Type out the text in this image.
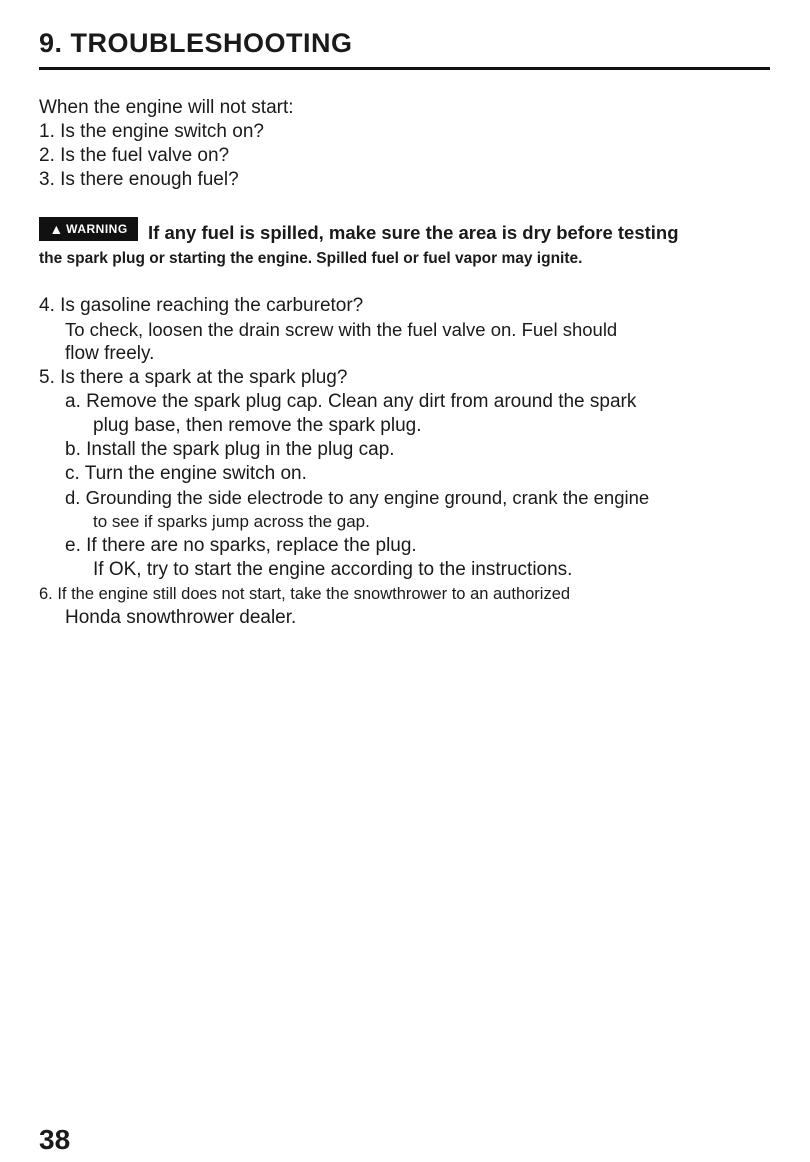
9. TROUBLESHOOTING
When the engine will not start:
1. Is the engine switch on?
2. Is the fuel valve on?
3. Is there enough fuel?
▲ WARNING If any fuel is spilled, make sure the area is dry before testing
the spark plug or starting the engine. Spilled fuel or fuel vapor may ignite.
4. Is gasoline reaching the carburetor?
To check, loosen the drain screw with the fuel valve on. Fuel should
flow freely.
5. Is there a spark at the spark plug?
a. Remove the spark plug cap. Clean any dirt from around the spark
plug base, then remove the spark plug.
b. Install the spark plug in the plug cap.
c. Turn the engine switch on.
d. Grounding the side electrode to any engine ground, crank the engine
to see if sparks jump across the gap.
e. If there are no sparks, replace the plug.
If OK, try to start the engine according to the instructions.
6. If the engine still does not start, take the snowthrower to an authorized
Honda snowthrower dealer.
38
